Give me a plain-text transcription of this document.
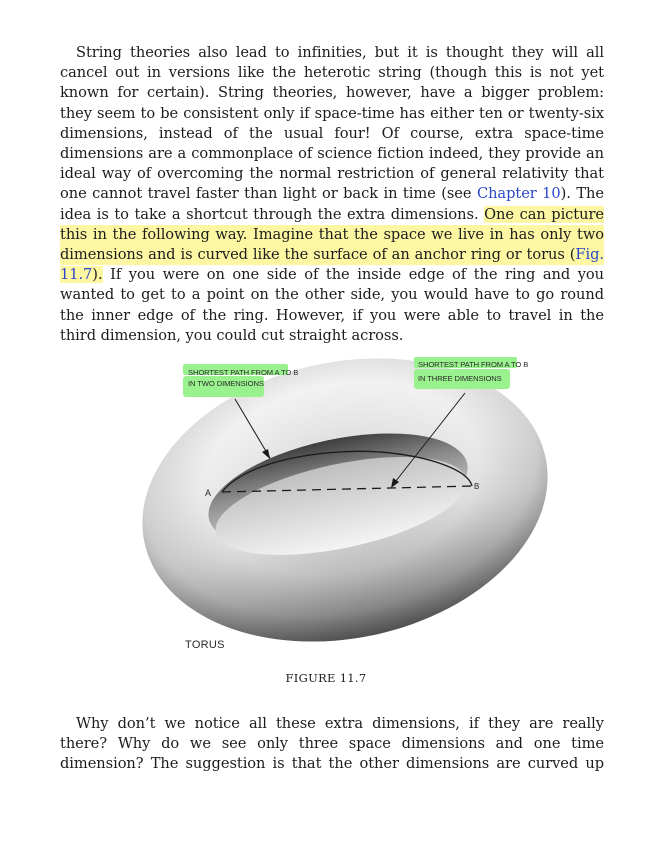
String theories also lead to infinities, but it is thought they will all
cancel out in versions like the heterotic string (though this is not yet
known for certain). String theories, however, have a bigger problem:
they seem to be consistent only if space-time has either ten or twenty-six
dimensions, instead of the usual four! Of course, extra space-time
dimensions are a commonplace of science fiction indeed, they provide an
ideal way of overcoming the normal restriction of general relativity that
one cannot travel faster than light or back in time (see Chapter 10). The
idea is to take a shortcut through the extra dimensions. One can picture
this in the following way. Imagine that the space we live in has only two
dimensions and is curved like the surface of an anchor ring or torus (Fig.
11.7). If you were on one side of the inside edge of the ring and you
wanted to get to a point on the other side, you would have to go round
the inner edge of the ring. However, if you were able to travel in the
third dimension, you could cut straight across.
SHORTEST PATH FROM A TO B
IN TWO DIMENSIONS
SHORTEST PATH FROM A TO B
IN THREE DIMENSIONS
A
B
TORUS
FIGURE 11.7
Why don’t we notice all these extra dimensions, if they are really
there? Why do we see only three space dimensions and one time
dimension? The suggestion is that the other dimensions are curved up
